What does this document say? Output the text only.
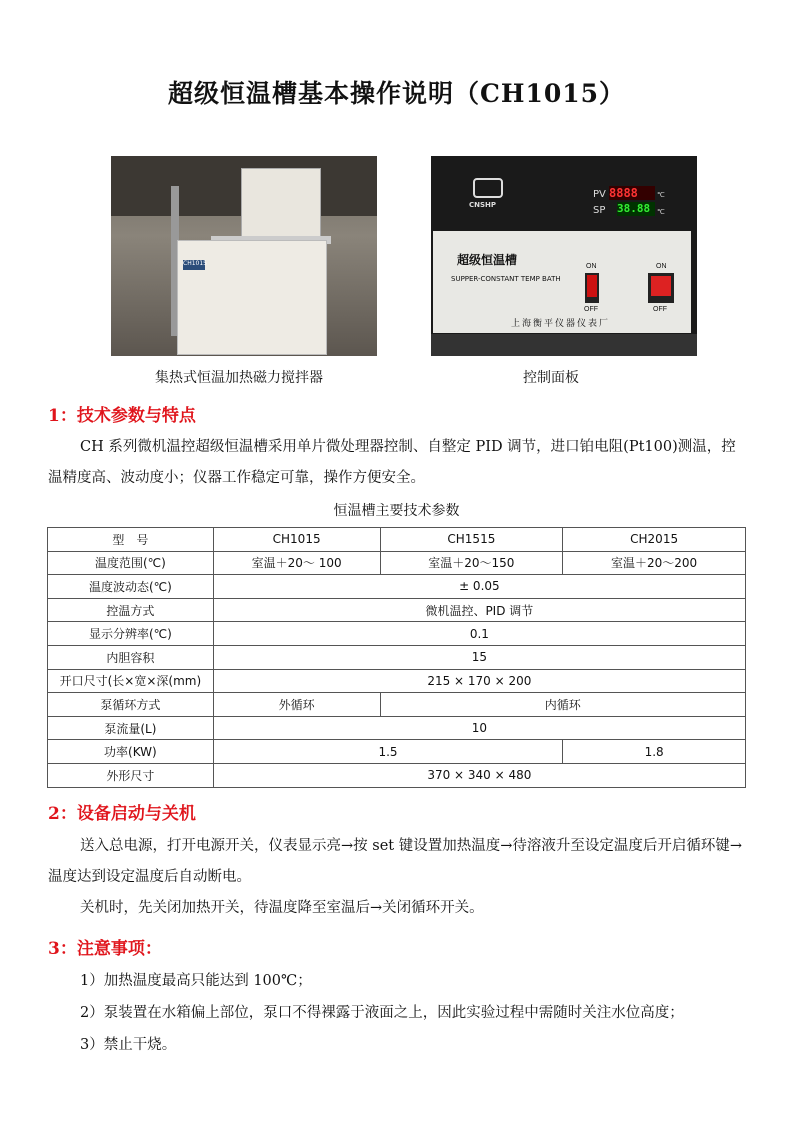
超级恒温槽基本操作说明（CH1015）
CH1015
CNSHP
PV 8888	℃
SP 38.88 ℃
超级恒温槽
SUPPER-CONSTANT TEMP BATH
ON
OFF
ON
OFF
上海衡平仪器仪表厂
集热式恒温加热磁力搅拌器	控制面板
1：技术参数与特点
CH 系列微机温控超级恒温槽采用单片微处理器控制、自整定 PID 调节，进口铂电阻(Pt100)测温，控温精度高、波动度小；仪器工作稳定可靠，操作方便安全。
恒温槽主要技术参数
型　号	CH1015	CH1515	CH2015
温度范围(℃)	室温＋20～ 100	室温＋20～150	室温＋20～200
温度波动态(℃)	± 0.05		
控温方式	微机温控、PID 调节		
显示分辨率(℃)	0.1		
内胆容积	15		
开口尺寸(长×宽×深(mm)	215 × 170 × 200		
泵循环方式	外循环	内循环	
泵流量(L)	10		
功率(KW)	1.5		1.8
外形尺寸	370 × 340 × 480		
2：设备启动与关机
送入总电源，打开电源开关，仪表显示亮→按 set 键设置加热温度→待溶液升至设定温度后开启循环键→温度达到设定温度后自动断电。
关机时，先关闭加热开关，待温度降至室温后→关闭循环开关。
3：注意事项：
1）加热温度最高只能达到 100℃；
2）泵装置在水箱偏上部位，泵口不得裸露于液面之上，因此实验过程中需随时关注水位高度；
3）禁止干烧。
